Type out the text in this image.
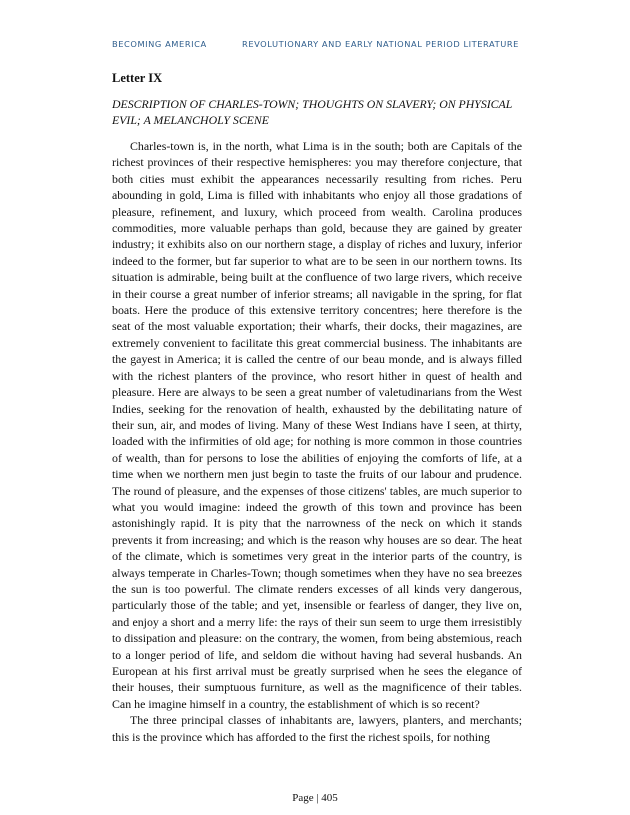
BECOMING AMERICA	REVOLUTIONARY AND EARLY NATIONAL PERIOD LITERATURE
Letter IX
DESCRIPTION OF CHARLES-TOWN; THOUGHTS ON SLAVERY; ON PHYSICAL EVIL; A MELANCHOLY SCENE

Charles-town is, in the north, what Lima is in the south; both are Capitals of the richest provinces of their respective hemispheres: you may therefore conjecture, that both cities must exhibit the appearances necessarily resulting from riches. Peru abounding in gold, Lima is filled with inhabitants who enjoy all those gradations of pleasure, refinement, and luxury, which proceed from wealth. Carolina produces commodities, more valuable perhaps than gold, because they are gained by greater industry; it exhibits also on our northern stage, a display of riches and luxury, inferior indeed to the former, but far superior to what are to be seen in our northern towns. Its situation is admirable, being built at the confluence of two large rivers, which receive in their course a great number of inferior streams; all navigable in the spring, for flat boats. Here the produce of this extensive territory concentres; here therefore is the seat of the most valuable exportation; their wharfs, their docks, their magazines, are extremely convenient to facilitate this great commercial business. The inhabitants are the gayest in America; it is called the centre of our beau monde, and is always filled with the richest planters of the province, who resort hither in quest of health and pleasure. Here are always to be seen a great number of valetudinarians from the West Indies, seeking for the renovation of health, exhausted by the debilitating nature of their sun, air, and modes of living. Many of these West Indians have I seen, at thirty, loaded with the infirmities of old age; for nothing is more common in those countries of wealth, than for persons to lose the abilities of enjoying the comforts of life, at a time when we northern men just begin to taste the fruits of our labour and prudence. The round of pleasure, and the expenses of those citizens' tables, are much superior to what you would imagine: indeed the growth of this town and province has been astonishingly rapid. It is pity that the narrowness of the neck on which it stands prevents it from increasing; and which is the reason why houses are so dear. The heat of the climate, which is sometimes very great in the interior parts of the country, is always temperate in Charles-Town; though sometimes when they have no sea breezes the sun is too powerful. The climate renders excesses of all kinds very dangerous, particularly those of the table; and yet, insensible or fearless of danger, they live on, and enjoy a short and a merry life: the rays of their sun seem to urge them irresistibly to dissipation and pleasure: on the contrary, the women, from being abstemious, reach to a longer period of life, and seldom die without having had several husbands. An European at his first arrival must be greatly surprised when he sees the elegance of their houses, their sumptuous furniture, as well as the magnificence of their tables. Can he imagine himself in a country, the establishment of which is so recent?

The three principal classes of inhabitants are, lawyers, planters, and merchants; this is the province which has afforded to the first the richest spoils, for nothing

Page | 405
